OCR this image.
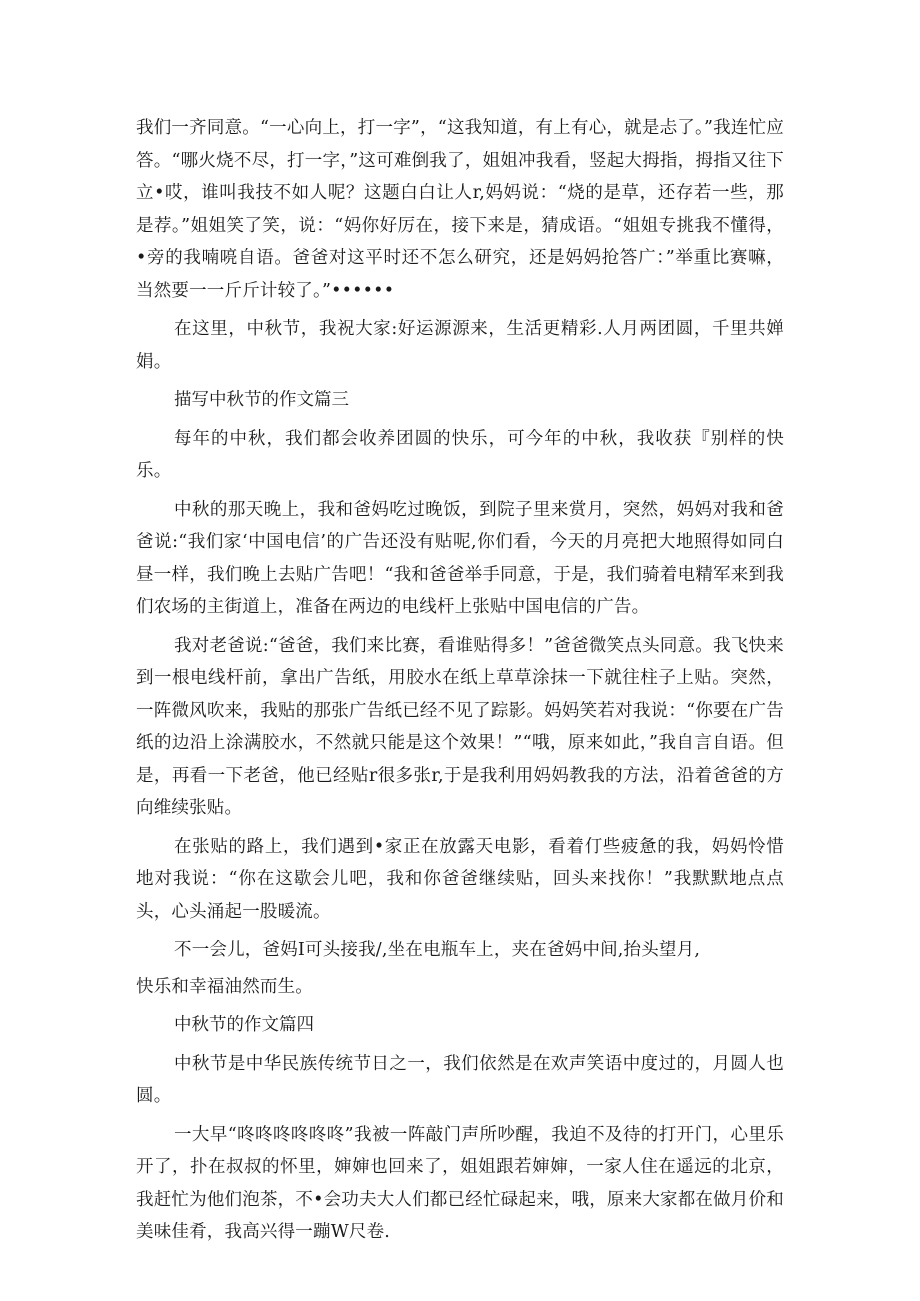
我们一齐同意。“一心向上，打一字”，“这我知道，有上有心，就是忐了。”我连忙应答。“哪火烧不尽，打一字，”这可难倒我了，姐姐冲我看，竖起大拇指，拇指又往下立•哎，谁叫我技不如人呢？这题白白让人r,妈妈说：“烧的是草，还存若一些，那是荐。”姐姐笑了笑，说：“妈你好厉在，接下来是，猜成语。“姐姐专挑我不懂得，•旁的我喃喨自语。爸爸对这平时还不怎么研究，还是妈妈抢答广：”举重比赛嘛，当然要一一斤斤计较了。”••••••

在这里，中秋节，我祝大家:好运源源来，生活更精彩.人月两团圆，千里共婵娟。

描写中秋节的作文篇三

每年的中秋，我们都会收养团圆的快乐，可今年的中秋，我收获『别样的快乐。

中秋的那天晚上，我和爸妈吃过晚饭，到院子里来赏月，突然，妈妈对我和爸爸说:“我们家‘中国电信’的广告还没有贴呢,你们看，今天的月亮把大地照得如同白昼一样，我们晚上去贴广告吧！“我和爸爸举手同意，于是，我们骑着电精军来到我们农场的主街道上，准备在两边的电线杆上张贴中国电信的广告。

我对老爸说:“爸爸，我们来比赛，看谁贴得多！”爸爸微笑点头同意。我飞快来到一根电线杆前，拿出广告纸，用胶水在纸上草草涂抹一下就往柱子上贴。突然，一阵微风吹来，我贴的那张广告纸已经不见了踪影。妈妈笑若对我说：“你要在广告纸的边沿上涂满胶水，不然就只能是这个效果！”“哦，原来如此，”我自言自语。但是，再看一下老爸，他已经贴r很多张r,于是我利用妈妈教我的方法，沿着爸爸的方向维续张贴。

在张贴的路上，我们遇到•家正在放露天电影，看着仃些疲惫的我，妈妈怜惜地对我说：“你在这歇会儿吧，我和你爸爸继续贴，回头来找你！”我默默地点点头，心头涌起一股暖流。

不一会儿，爸妈I可头接我/,坐在电瓶车上，夹在爸妈中间,抬头望月,

快乐和幸福油然而生。

中秋节的作文篇四

中秋节是中华民族传统节日之一，我们依然是在欢声笑语中度过的，月圆人也圆。

一大早“咚咚咚咚咚咚”我被一阵敲门声所吵醒，我迫不及待的打开门，心里乐开了，扑在叔叔的怀里，婶婶也回来了，姐姐跟若婶婶，一家人住在遥远的北京，我赶忙为他们泡茶，不•会功夫大人们都已经忙碌起来，哦，原来大家都在做月价和美味佳肴，我高兴得一蹦W尺卷.
